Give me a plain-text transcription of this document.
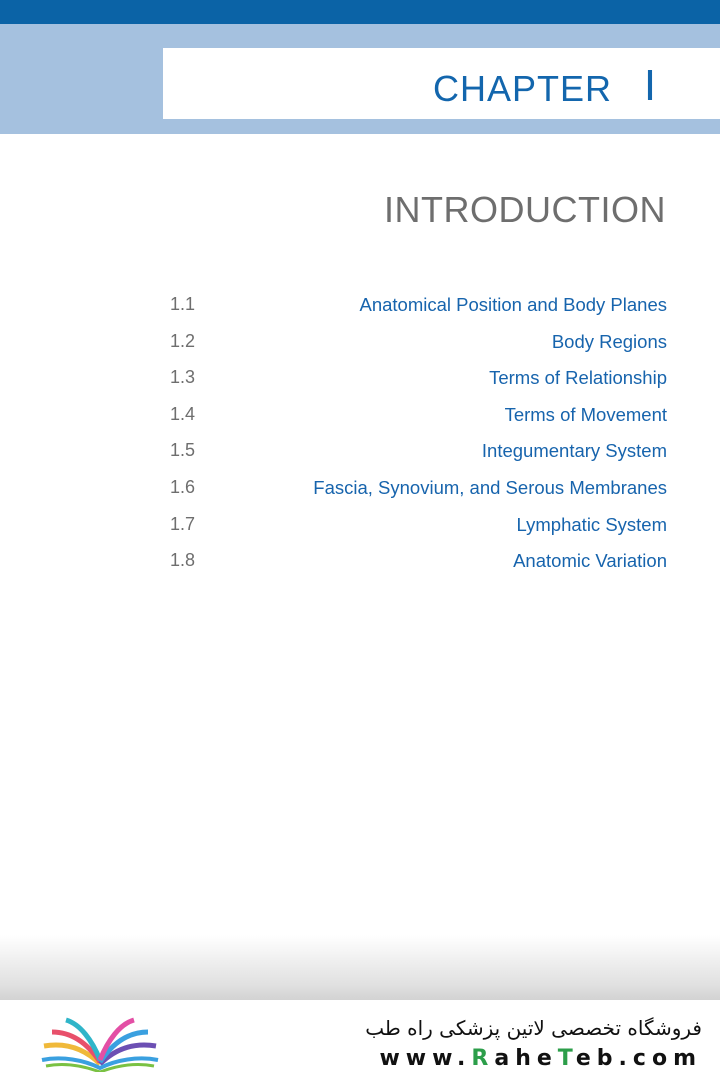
CHAPTER I
INTRODUCTION
1.1	Anatomical Position and Body Planes
1.2	Body Regions
1.3	Terms of Relationship
1.4	Terms of Movement
1.5	Integumentary System
1.6	Fascia, Synovium, and Serous Membranes
1.7	Lymphatic System
1.8	Anatomic Variation
فروشگاه تخصصی لاتین پزشکی راه طب
www.RaheTeb.com
